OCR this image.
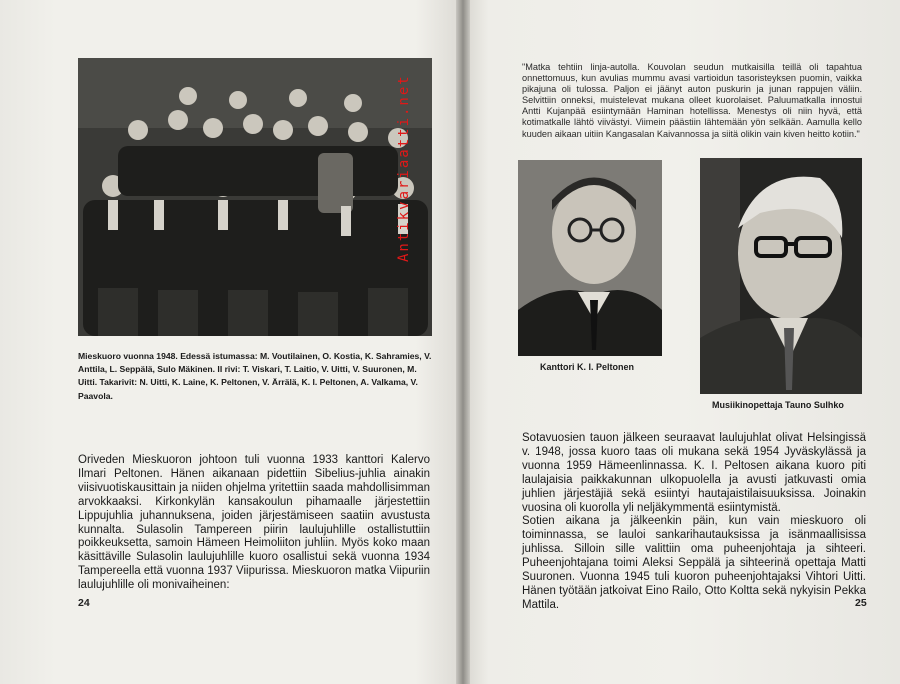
Mieskuoro vuonna 1948. Edessä istumassa: M. Voutilainen, O. Kostia, K. Sahramies, V. Anttila, L. Seppälä, Sulo Mäkinen. II rivi: T. Viskari, T. Laitio, V. Uitti, V. Suuronen, M. Uitti. Takarivit: N. Uitti, K. Laine, K. Peltonen, V. Ärrälä, K. I. Peltonen, A. Valkama, V. Paavola.
Oriveden Mieskuoron johtoon tuli vuonna 1933 kanttori Kalervo Ilmari Peltonen. Hänen aikanaan pidettiin Sibelius-juhlia ainakin viisivuotiskausittain ja niiden ohjelma yritettiin saada mahdollisimman arvokkaaksi. Kirkonkylän kansakoulun pihamaalle järjestettiin Lippujuhlia juhannuksena, joiden järjestämiseen saatiin avustusta kunnalta. Sulasolin Tampereen piirin laulujuhlille ostallistuttiin poikkeuksetta, samoin Hämeen Heimoliiton juhliin. Myös koko maan käsittäville Sulasolin laulujuhlille kuoro osallistui sekä vuonna 1934 Tampereella että vuonna 1937 Viipurissa. Mieskuoron matka Viipuriin laulujuhlille oli monivaiheinen:
24
Antikvariaatti.net
"Matka tehtiin linja-autolla. Kouvolan seudun mutkaisilla teillä oli tapahtua onnettomuus, kun avulias mummu avasi vartioidun tasoristeyksen puomin, vaikka pikajuna oli tulossa. Paljon ei jäänyt auton puskurin ja junan rappujen väliin. Selvittiin onneksi, muistelevat mukana olleet kuorolaiset. Paluumatkalla innostui Antti Kujanpää esiintymään Haminan hotellissa. Menestys oli niin hyvä, että kotimatkalle lähtö viivästyi. Viimein päästiin lähtemään yön selkään. Aamulla kello kuuden aikaan uitiin Kangasalan Kaivannossa ja siitä olikin vain kiven heitto kotiin."
Kanttori K. I. Peltonen
Musiikinopettaja Tauno Sulhko
Sotavuosien tauon jälkeen seuraavat laulujuhlat olivat Helsingissä v. 1948, jossa kuoro taas oli mukana sekä 1954 Jyväskylässä ja vuonna 1959 Hämeenlinnassa. K. I. Peltosen aikana kuoro piti laulajaisia paikkakunnan ulkopuolella ja avusti jatkuvasti omia juhlien järjestäjiä sekä esiintyi hautajaistilaisuuksissa. Joinakin vuosina oli kuorolla yli neljäkymmentä esiintymistä.
Sotien aikana ja jälkeenkin päin, kun vain mieskuoro oli toiminnassa, se lauloi sankarihautauksissa ja isänmaallisissa juhlissa. Silloin sille valittiin oma puheenjohtaja ja sihteeri. Puheenjohtajana toimi Aleksi Seppälä ja sihteerinä opettaja Matti Suuronen. Vuonna 1945 tuli kuoron puheenjohtajaksi Vihtori Uitti. Hänen työtään jatkoivat Eino Railo, Otto Koltta sekä nykyisin Pekka Mattila.	25
